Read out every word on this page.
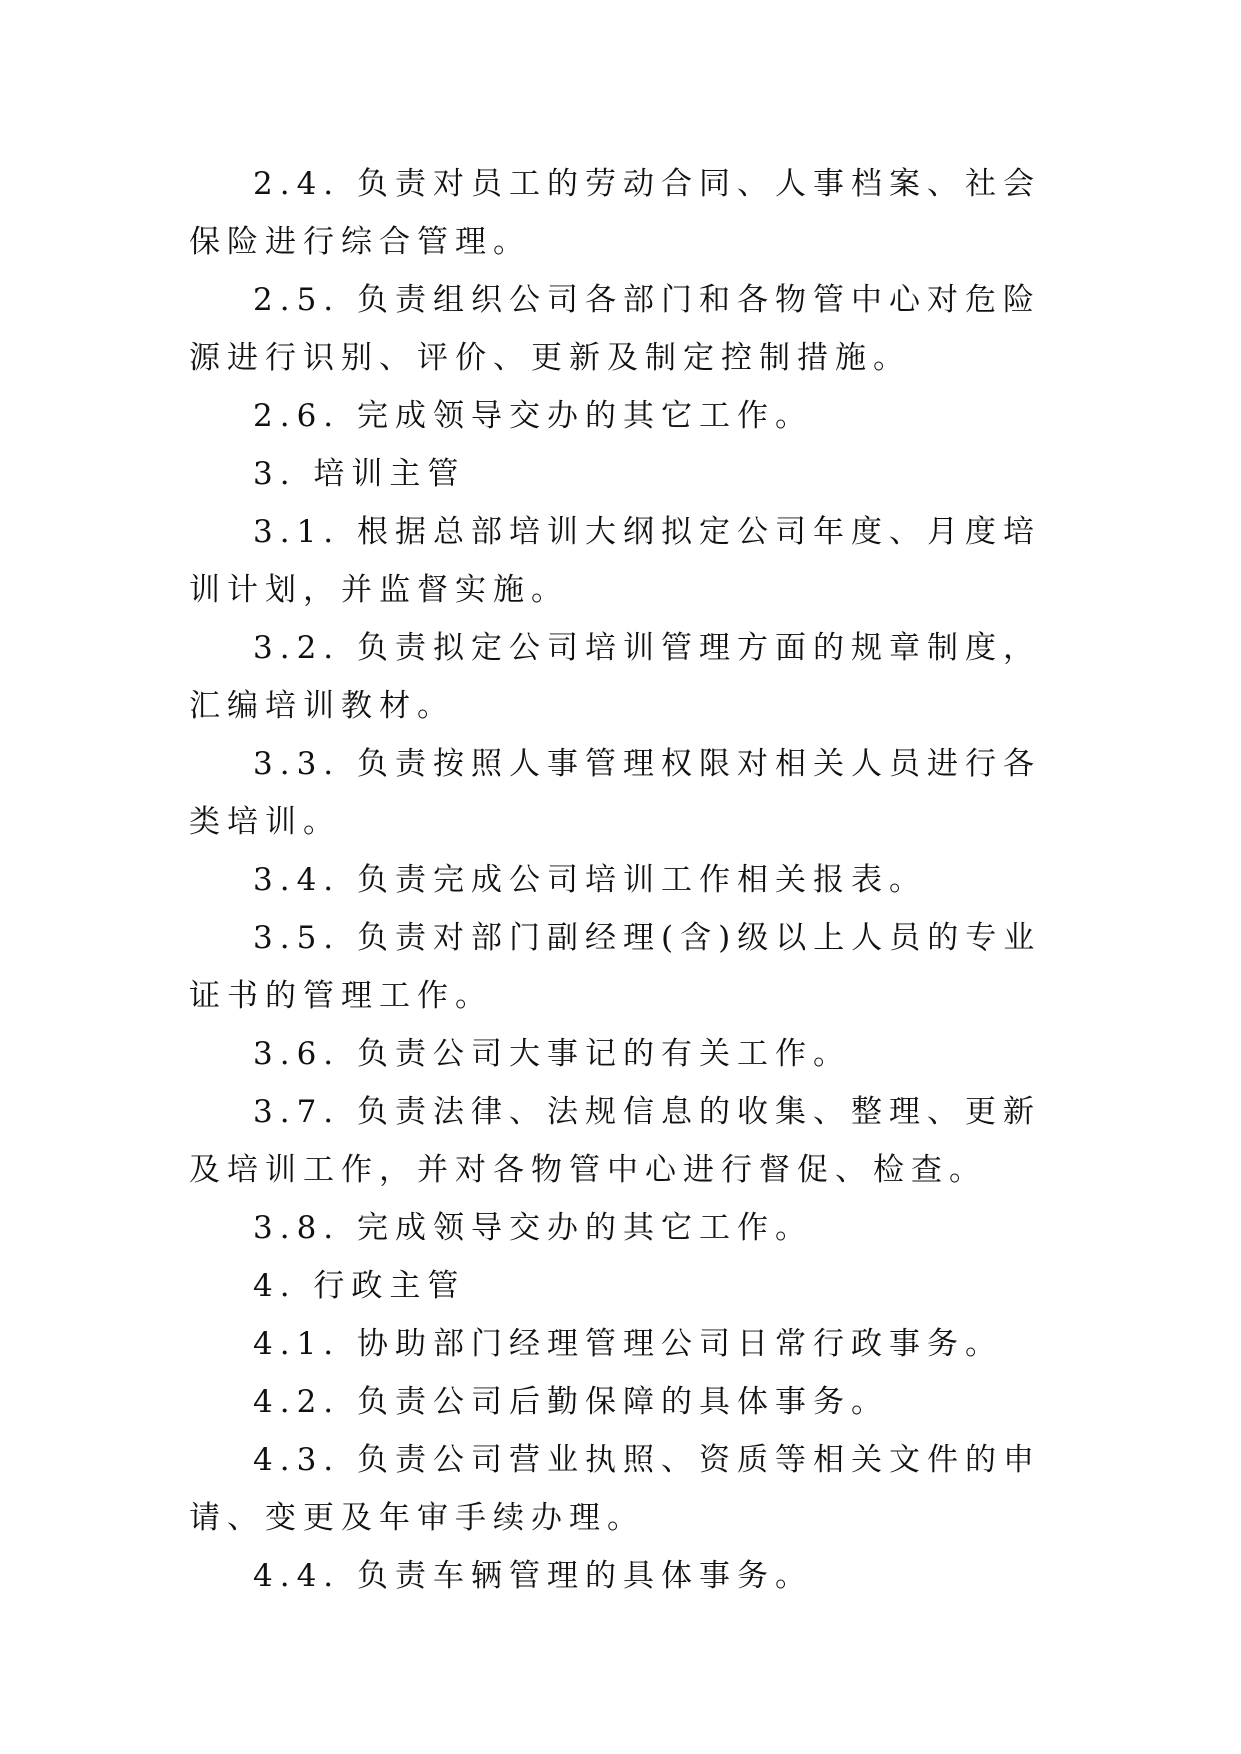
2.4. 负责对员工的劳动合同、人事档案、社会保险进行综合管理。

2.5. 负责组织公司各部门和各物管中心对危险源进行识别、评价、更新及制定控制措施。

2.6. 完成领导交办的其它工作。

3. 培训主管

3.1. 根据总部培训大纲拟定公司年度、月度培训计划，并监督实施。

3.2. 负责拟定公司培训管理方面的规章制度，汇编培训教材。

3.3. 负责按照人事管理权限对相关人员进行各类培训。

3.4. 负责完成公司培训工作相关报表。

3.5. 负责对部门副经理(含)级以上人员的专业证书的管理工作。

3.6. 负责公司大事记的有关工作。

3.7. 负责法律、法规信息的收集、整理、更新及培训工作，并对各物管中心进行督促、检查。

3.8. 完成领导交办的其它工作。

4. 行政主管

4.1. 协助部门经理管理公司日常行政事务。

4.2. 负责公司后勤保障的具体事务。

4.3. 负责公司营业执照、资质等相关文件的申请、变更及年审手续办理。

4.4. 负责车辆管理的具体事务。
